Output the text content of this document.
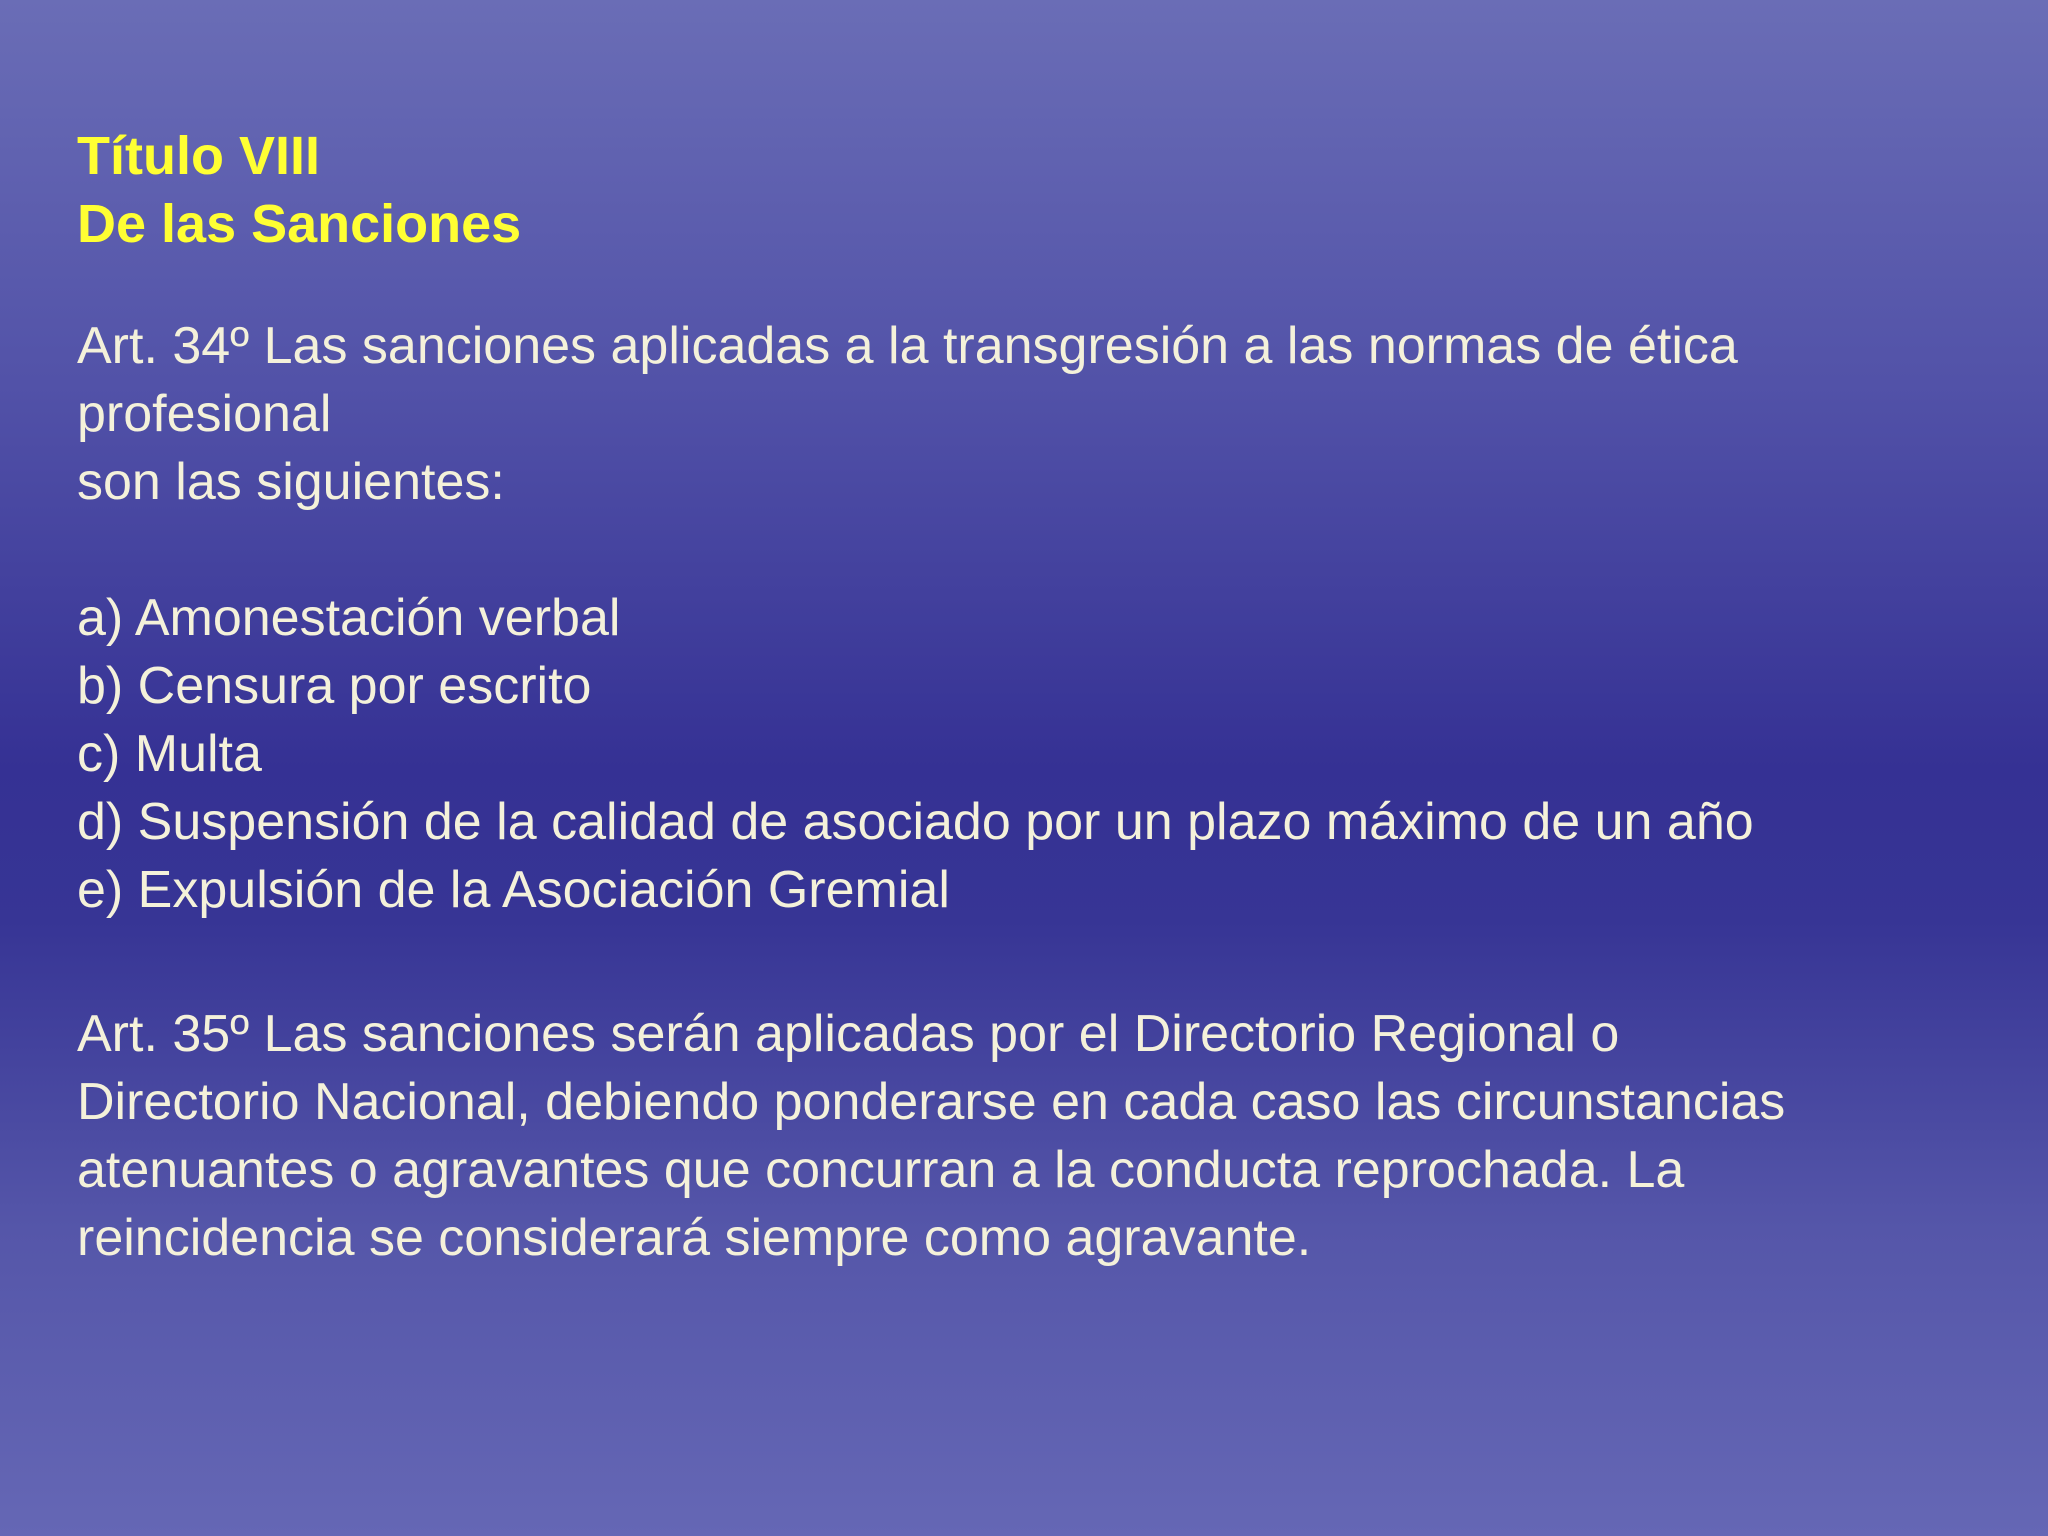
Título VIII
De las Sanciones
Art. 34º Las sanciones aplicadas a la transgresión a las normas de ética
profesional
son las siguientes:
a) Amonestación verbal
b) Censura por escrito
c) Multa
d) Suspensión de la calidad de asociado por un plazo máximo de un año
e) Expulsión de la Asociación Gremial
Art. 35º Las sanciones serán aplicadas por el Directorio Regional o
Directorio Nacional, debiendo ponderarse en cada caso las circunstancias
atenuantes o agravantes que concurran a la conducta reprochada. La
reincidencia se considerará siempre como agravante.
